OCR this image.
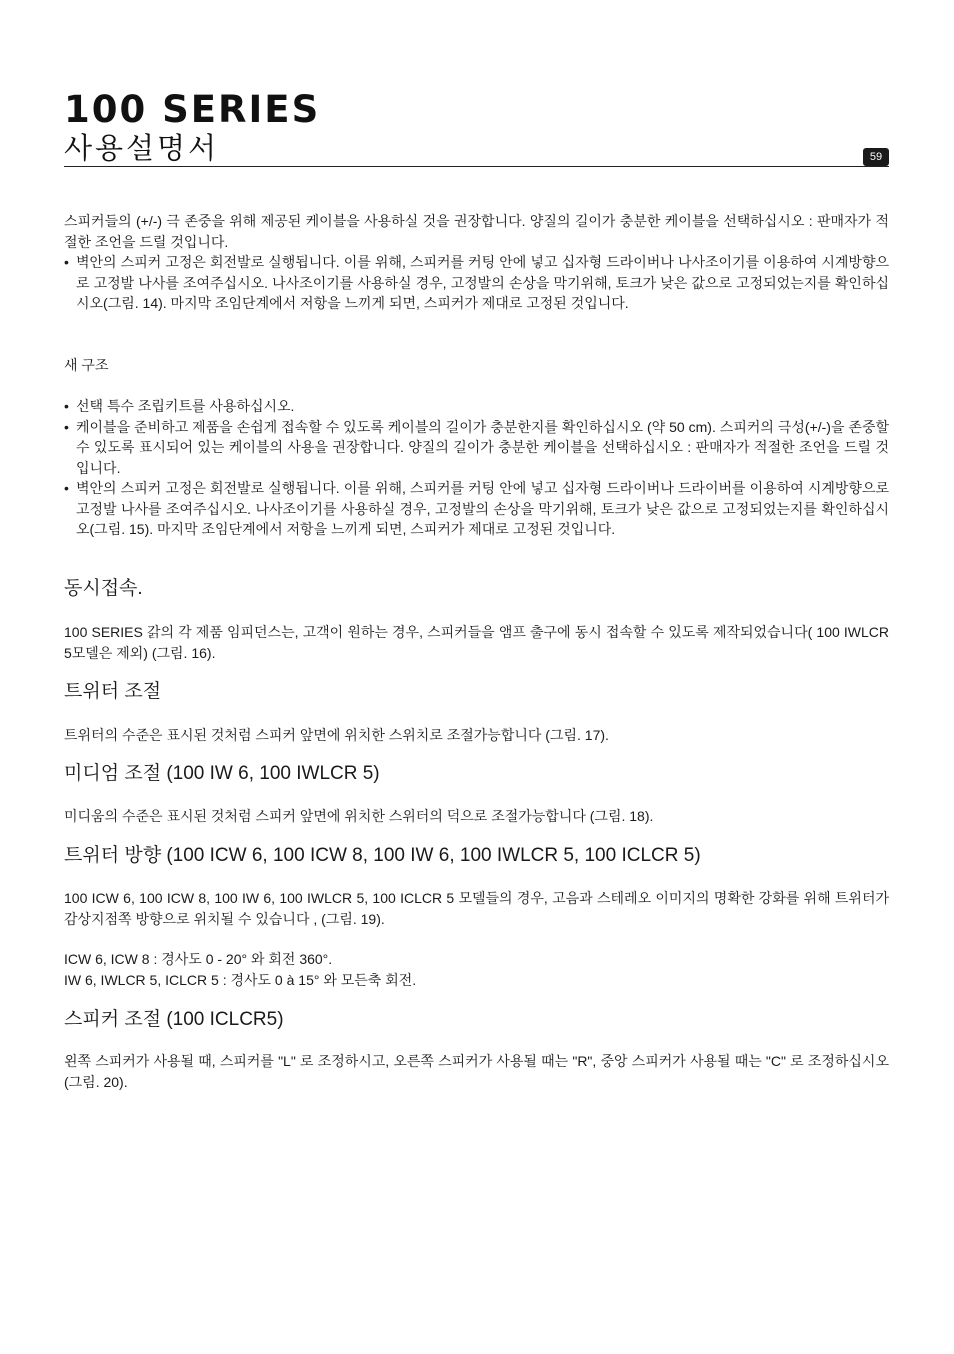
100 SERIES
사용설명서	59

스피커들의 (+/-) 극 존중을 위해 제공된 케이블을 사용하실 것을 권장합니다. 양질의 길이가 충분한 케이블을 선택하십시오 : 판매자가 적절한 조언을 드릴 것입니다.

• 벽안의 스피커 고정은 회전발로 실행됩니다. 이를 위해, 스피커를 커팅 안에 넣고 십자형 드라이버나 나사조이기를 이용하여 시계방향으로 고정발 나사를 조여주십시오. 나사조이기를 사용하실 경우, 고정발의 손상을 막기위해, 토크가 낮은 값으로 고정되었는지를 확인하십시오(그림. 14). 마지막 조임단계에서 저항을 느끼게 되면, 스피커가 제대로 고정된 것입니다.

새 구조

• 선택 특수 조립키트를 사용하십시오.
• 케이블을 준비하고 제품을 손쉽게 접속할 수 있도록 케이블의 길이가 충분한지를 확인하십시오 (약 50 cm). 스피커의 극성(+/-)을 존중할 수 있도록 표시되어 있는 케이블의 사용을 권장합니다. 양질의 길이가 충분한 케이블을 선택하십시오 : 판매자가 적절한 조언을 드릴 것입니다.
• 벽안의 스피커 고정은 회전발로 실행됩니다. 이를 위해, 스피커를 커팅 안에 넣고 십자형 드라이버나 드라이버를 이용하여 시계방향으로 고정발 나사를 조여주십시오. 나사조이기를 사용하실 경우, 고정발의 손상을 막기위해, 토크가 낮은 값으로 고정되었는지를 확인하십시오(그림. 15). 마지막 조임단계에서 저항을 느끼게 되면, 스피커가 제대로 고정된 것입니다.
동시접속.

100 SERIES 갉의 각 제품 임피던스는, 고객이 원하는 경우, 스피커들을 앰프 출구에 동시 접속할 수 있도록 제작되었습니다( 100 IWLCR 5모델은 제외) (그림. 16).

트위터 조절

트위터의 수준은 표시된 것처럼 스피커 앞면에 위치한 스위치로 조절가능합니다 (그림. 17).

미디엄 조절 (100 IW 6, 100 IWLCR 5)

미디움의 수준은 표시된 것처럼 스피커 앞면에 위치한 스위터의 덕으로 조절가능합니다 (그림. 18).

트위터 방향 (100 ICW 6, 100 ICW 8, 100 IW 6, 100 IWLCR 5, 100 ICLCR 5)

100 ICW 6, 100 ICW 8, 100 IW 6, 100 IWLCR 5, 100 ICLCR 5 모델들의 경우, 고음과 스테레오 이미지의 명확한 강화를 위해 트위터가 감상지점쪽 방향으로 위치될 수 있습니다 , (그림. 19).

ICW 6, ICW 8 : 경사도 0 - 20° 와 회전 360°.

IW 6, IWLCR 5, ICLCR 5 : 경사도 0 à 15° 와 모든축 회전.

스피커 조절 (100 ICLCR5)

왼쪽 스피커가 사용될 때, 스피커를 "L" 로 조정하시고, 오른쪽 스피커가 사용될 때는 "R", 중앙 스피커가 사용될 때는 "C" 로 조정하십시오 (그림. 20).
